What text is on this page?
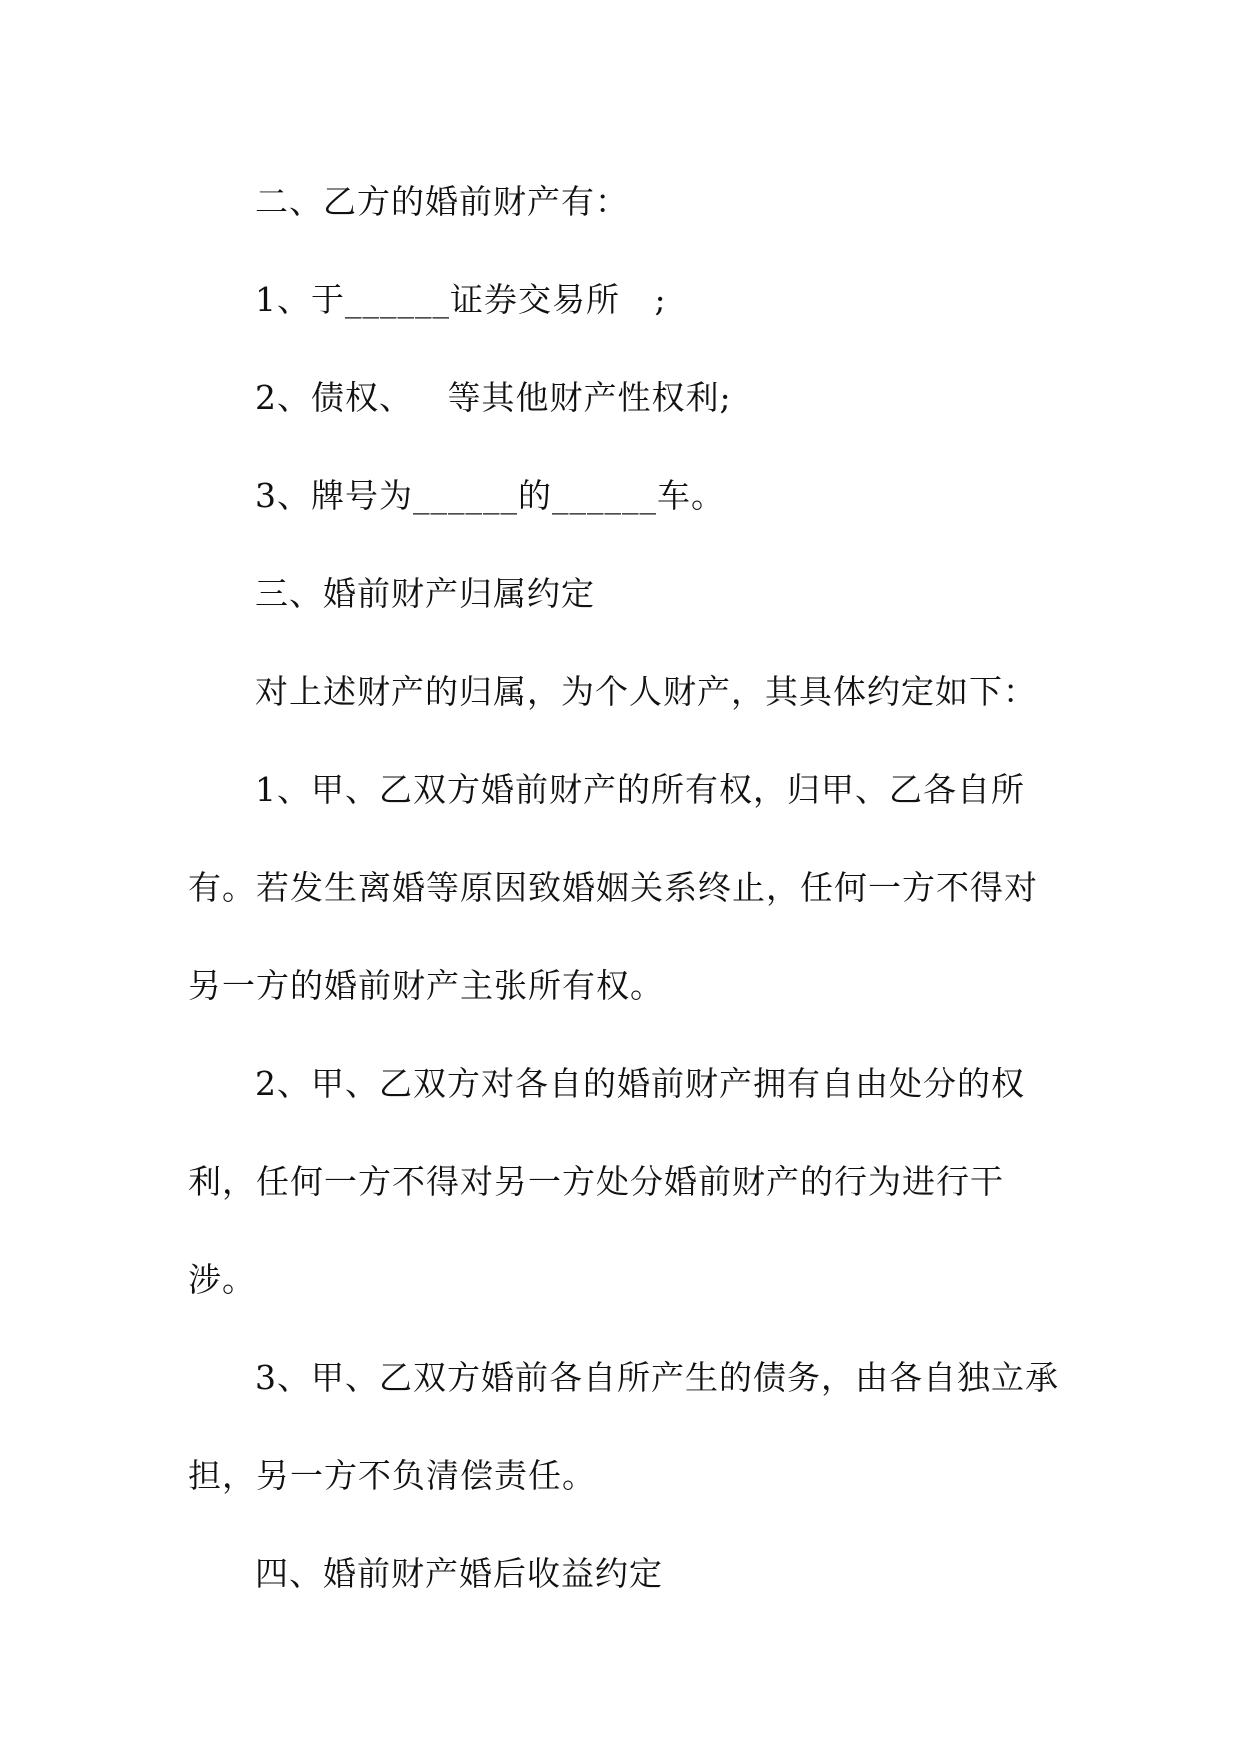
二、乙方的婚前财产有：
1、于______证券交易所   ;
2、债权、   等其他财产性权利;
3、牌号为______的______车。
三、婚前财产归属约定
对上述财产的归属，为个人财产，其具体约定如下：
1、甲、乙双方婚前财产的所有权，归甲、乙各自所
有。若发生离婚等原因致婚姻关系终止，任何一方不得对
另一方的婚前财产主张所有权。
2、甲、乙双方对各自的婚前财产拥有自由处分的权
利，任何一方不得对另一方处分婚前财产的行为进行干
涉。
3、甲、乙双方婚前各自所产生的债务，由各自独立承
担，另一方不负清偿责任。
四、婚前财产婚后收益约定
